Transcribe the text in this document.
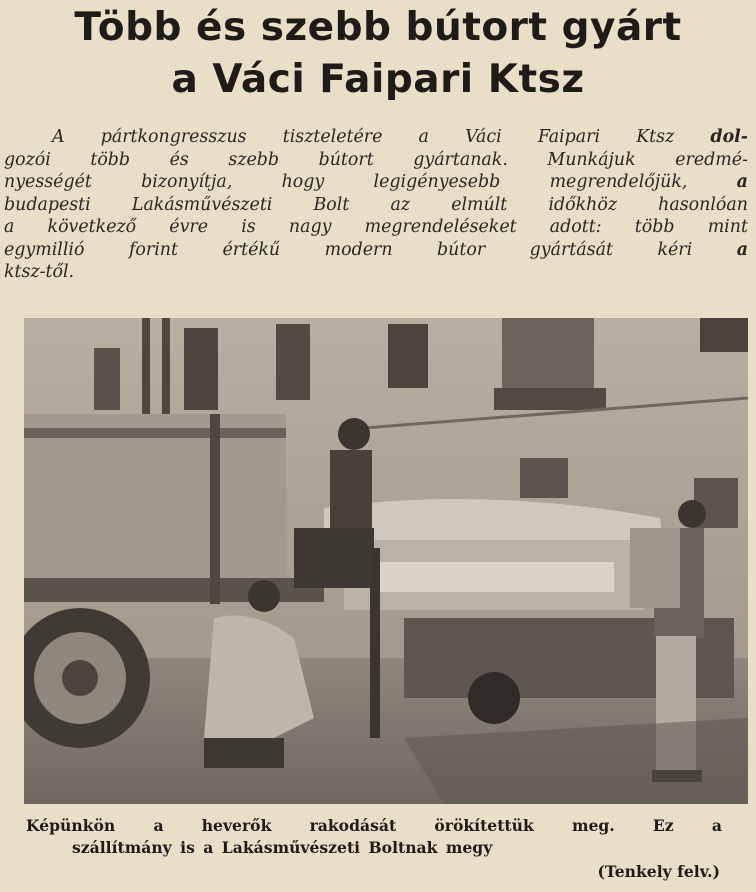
Több és szebb bútort gyárt
a Váci Faipari Ktsz
A pártkongresszus tiszteletére a Váci Faipari Ktsz dol-
gozói több és szebb bútort gyártanak. Munkájuk eredmé-
nyességét	bizonyítja,	hogy	legigényesebb	megrendelőjük,	a
budapesti Lakásművészeti Bolt az elmúlt időkhöz hasonlóan
a következő évre is nagy megrendeléseket adott: több mint
egymillió	forint	értékű	modern	bútor	gyártását	kéri	a
ktsz-től.
Képünkön a heverők rakodását örökítettük meg. Ez a
szállítmány is a Lakásművészeti Boltnak megy
(Tenkely felv.)
